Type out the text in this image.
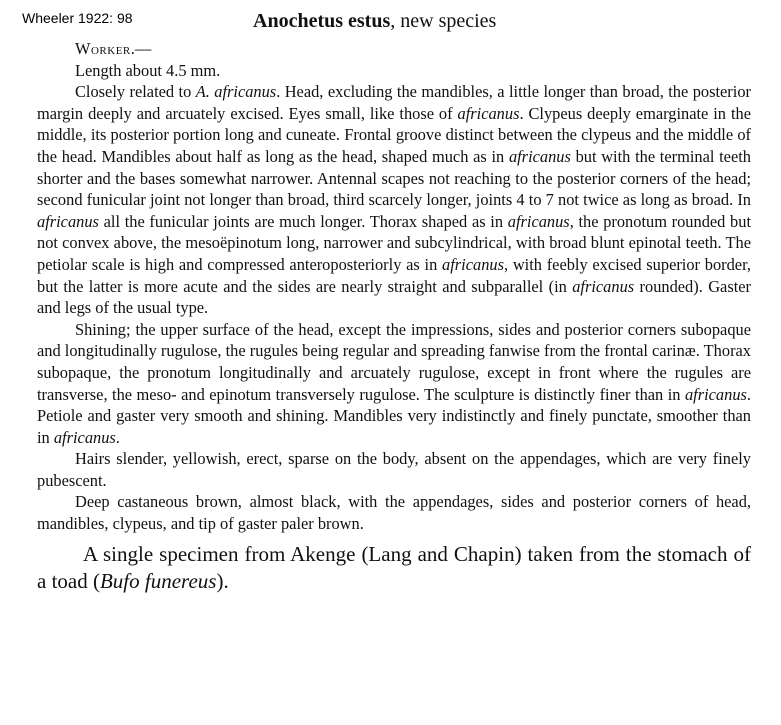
Wheeler 1922: 98	Anochetus estus, new species

Worker.—

Length about 4.5 mm.

Closely related to A. africanus. Head, excluding the mandibles, a little longer than broad, the posterior margin deeply and arcuately excised. Eyes small, like those of africanus. Clypeus deeply emarginate in the middle, its posterior portion long and cuneate. Frontal groove distinct between the clypeus and the middle of the head. Mandibles about half as long as the head, shaped much as in africanus but with the terminal teeth shorter and the bases somewhat narrower. Antennal scapes not reaching to the posterior corners of the head; second funicular joint not longer than broad, third scarcely longer, joints 4 to 7 not twice as long as broad. In africanus all the funicular joints are much longer. Thorax shaped as in africanus, the pronotum rounded but not convex above, the mesoëpinotum long, narrower and subcylindrical, with broad blunt epinotal teeth. The petiolar scale is high and compressed anteroposteriorly as in africanus, with feebly excised superior border, but the latter is more acute and the sides are nearly straight and subparallel (in africanus rounded). Gaster and legs of the usual type.

Shining; the upper surface of the head, except the impressions, sides and posterior corners subopaque and longitudinally rugulose, the rugules being regular and spreading fanwise from the frontal carinæ. Thorax subopaque, the pronotum longitudinally and arcuately rugulose, except in front where the rugules are transverse, the meso- and epinotum transversely rugulose. The sculpture is distinctly finer than in africanus. Petiole and gaster very smooth and shining. Mandibles very indistinctly and finely punctate, smoother than in africanus.

Hairs slender, yellowish, erect, sparse on the body, absent on the appendages, which are very finely pubescent.

Deep castaneous brown, almost black, with the appendages, sides and posterior corners of head, mandibles, clypeus, and tip of gaster paler brown.

A single specimen from Akenge (Lang and Chapin) taken from the stomach of a toad (Bufo funereus).
